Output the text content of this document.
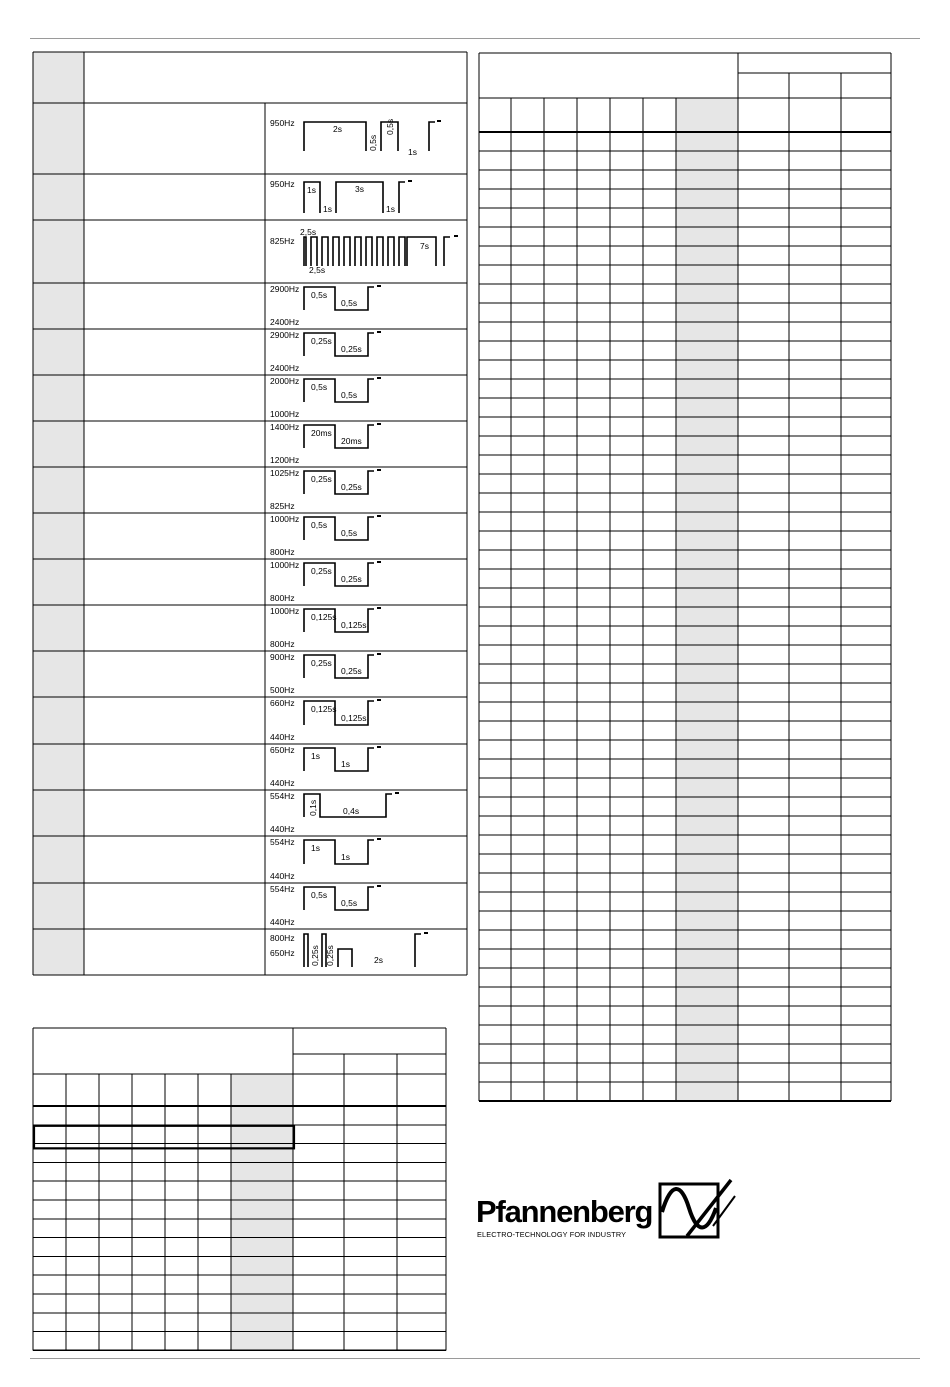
950Hz
2s
0,5s
0,5s
1s
950Hz
1s
1s
3s
1s
825Hz
2,5s
2,5s
7s
2900Hz
2400Hz
0,5s
0,5s
2900Hz
2400Hz
0,25s
0,25s
2000Hz
1000Hz
0,5s
0,5s
1400Hz
1200Hz
20ms
20ms
1025Hz
825Hz
0,25s
0,25s
1000Hz
800Hz
0,5s
0,5s
1000Hz
800Hz
0,25s
0,25s
1000Hz
800Hz
0,125s
0,125s
900Hz
500Hz
0,25s
0,25s
660Hz
440Hz
0,125s
0,125s
650Hz
440Hz
1s
1s
554Hz
440Hz
0,1s	0,4s
554Hz
440Hz
1s
1s
554Hz
440Hz
0,5s
0,5s
800Hz
650Hz 0,25s 0,25s	2s
Pfannenberg
ELECTRO-TECHNOLOGY FOR INDUSTRY
